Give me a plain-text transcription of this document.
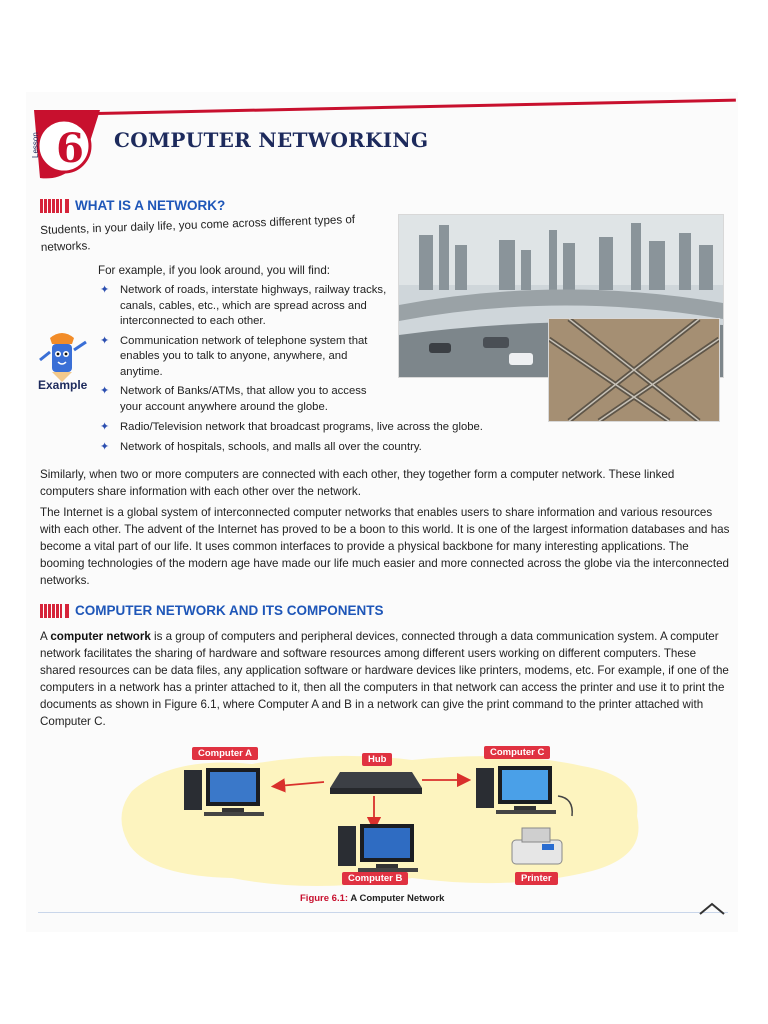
Lesson 6 COMPUTER NETWORKING
WHAT IS A NETWORK?
Students, in your daily life, you come across different types of networks.
For example, if you look around, you will find:
Example
✦ Network of roads, interstate highways, railway tracks, canals, cables, etc., which are spread across and interconnected to each other.
✦ Communication network of telephone system that enables you to talk to anyone, anywhere, and anytime.
✦ Network of Banks/ATMs, that allow you to access your account anywhere around the globe.
✦ Radio/Television network that broadcast programs, live across the globe.
✦ Network of hospitals, schools, and malls all over the country.
Similarly, when two or more computers are connected with each other, they together form a computer network. These linked computers share information with each other over the network.
The Internet is a global system of interconnected computer networks that enables users to share information and various resources with each other. The advent of the Internet has proved to be a boon to this world. It is one of the largest information databases and has become a vital part of our life. It uses common interfaces to provide a physical backbone for many interesting applications. The booming technologies of the modern age have made our life much easier and more connected across the globe via the interconnected networks.
COMPUTER NETWORK AND ITS COMPONENTS
A computer network is a group of computers and peripheral devices, connected through a data communication system. A computer network facilitates the sharing of hardware and software resources among different users working on different computers. These shared resources can be data files, any application software or hardware devices like printers, modems, etc. For example, if one of the computers in a network has a printer attached to it, then all the computers in that network can access the printer and use it to print the documents as shown in Figure 6.1, where Computer A and B in a network can give the print command to the printer attached with Computer C.
Computer A
Hub
Computer C
Computer B	Printer
Figure 6.1: A Computer Network
